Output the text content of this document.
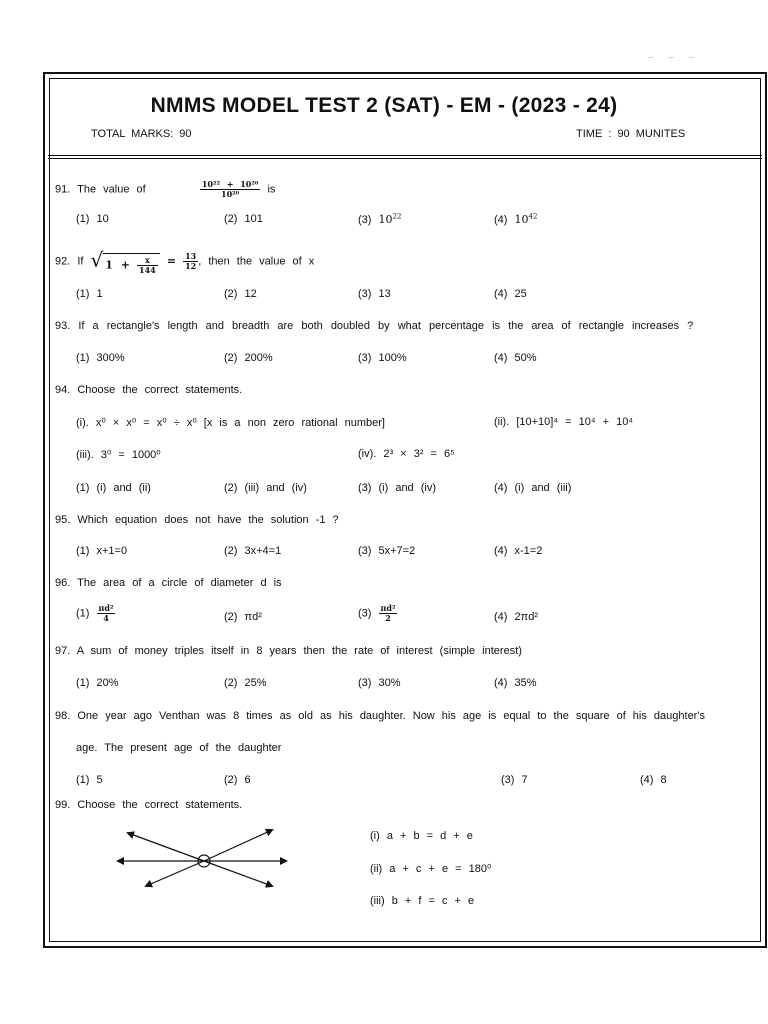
‒ ‒ ‒
NMMS MODEL TEST 2 (SAT) - EM - (2023 - 24)
TOTAL MARKS: 90	TIME : 90 MUNITES
91. The value of	$\frac{\text{10²² + 10²⁰}}{\text{10²⁰}}$ is
(1) 10	(2) 101	(3) $10^{22}$	(4) $10^{42}$
92. If √ $1 + \frac{x}{144} = \frac{13}{12}$ , then the value of x
(1) 1	(2) 12	(3) 13	(4) 25
93. If a rectangle's length and breadth are both doubled by what percentage is the area of rectangle increases ?
(1) 300%	(2) 200%	(3) 100%	(4) 50%
94. Choose the correct statements.
(i). x⁰ × x⁰ = x⁰ ÷ x⁰ [x is a non zero rational number]	(ii). [10+10]⁴ = 10⁴ + 10⁴
(iii). 3⁰ = 1000⁰	(iv). 2³ × 3² = 6⁵
(1) (i) and (ii)	(2) (iii) and (iv)	(3) (i) and (iv)	(4) (i) and (iii)
95. Which equation does not have the solution -1 ?
(1) x+1=0	(2) 3x+4=1	(3) 5x+7=2	(4) x-1=2
96. The area of a circle of diameter d is
$(1) \frac{\text{πd²}}{4}$	(2) πd²	$(3) \frac{\text{πd²}}{2}$	(4) 2πd²
97. A sum of money triples itself in 8 years then the rate of interest (simple interest)
(1) 20%	(2) 25%	(3) 30%	(4) 35%
98. One year ago Venthan was 8 times as old as his daughter. Now his age is equal to the square of his daughter's
age. The present age of the daughter
(1) 5	(2) 6	(3) 7	(4) 8
99. Choose the correct statements.
(i) a + b = d + e
(ii) a + c + e = 180⁰
(iii) b + f = c + e
